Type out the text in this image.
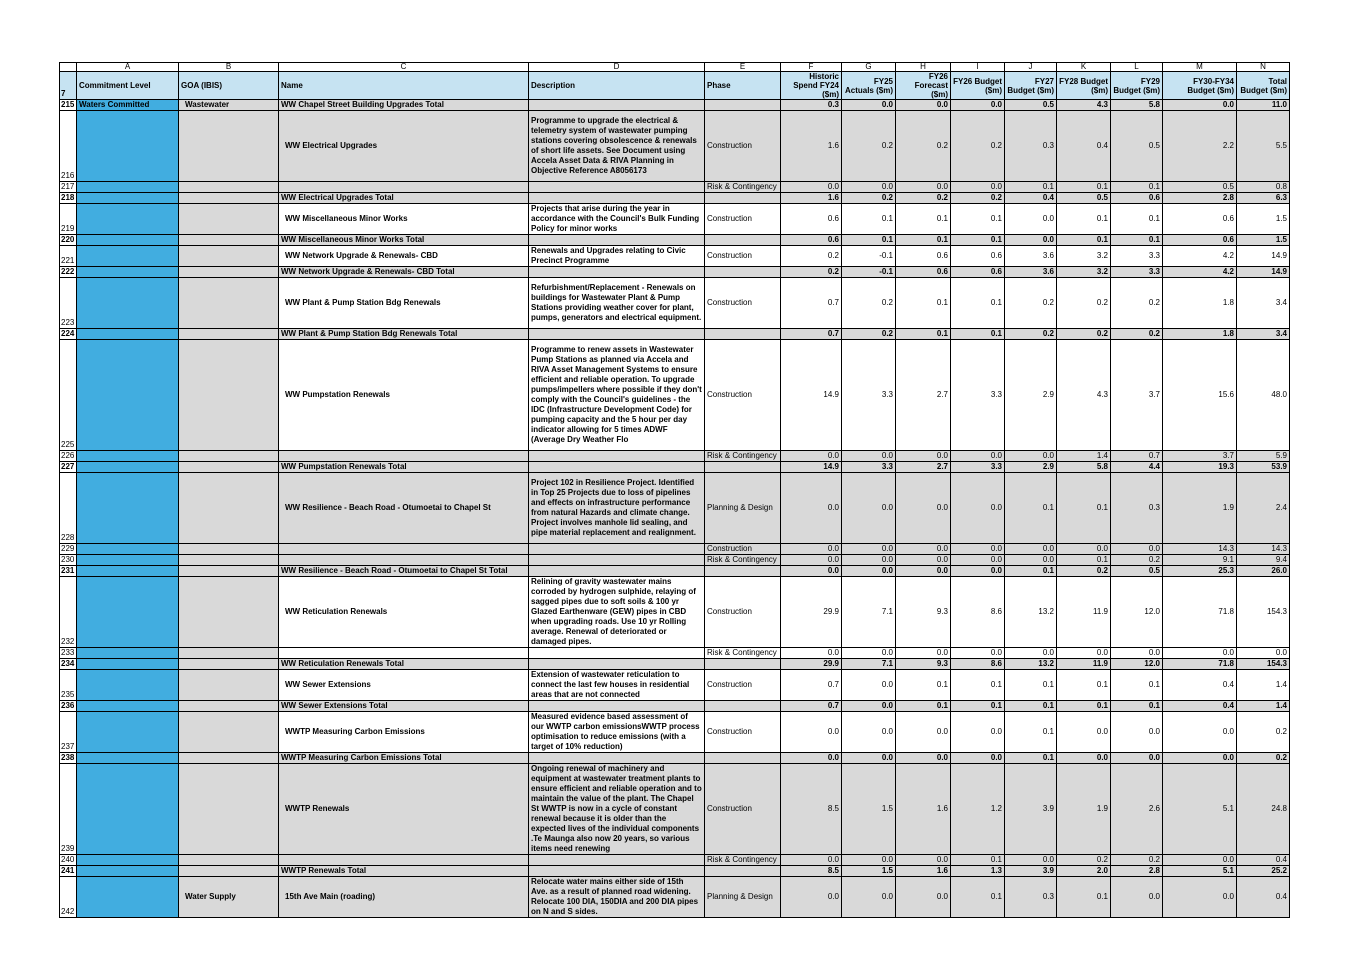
	A	B	C	D	E	F	G	H	I	J	K	L	M	N
7	Commitment Level	GOA (IBIS)	Name	Description	Phase	Historic Spend FY24 ($m)	FY25 Actuals ($m)	FY26 Forecast ($m)	FY26 Budget ($m)	FY27 Budget ($m)	FY28 Budget ($m)	FY29 Budget ($m)	FY30-FY34 Budget ($m)	Total Budget ($m)
215	Waters Committed	Wastewater	WW Chapel Street Building Upgrades Total			0.3	0.0	0.0	0.0	0.5	4.3	5.8	0.0	11.0
216			WW Electrical Upgrades	Programme to upgrade the electrical & telemetry system of wastewater pumping stations covering obsolescence & renewals of short life assets. See Document using Accela Asset Data & RIVA Planning in Objective Reference A8056173	Construction	1.6	0.2	0.2	0.2	0.3	0.4	0.5	2.2	5.5
217					Risk & Contingency	0.0	0.0	0.0	0.0	0.1	0.1	0.1	0.5	0.8
218			WW Electrical Upgrades Total			1.6	0.2	0.2	0.2	0.4	0.5	0.6	2.8	6.3
219			WW Miscellaneous Minor Works	Projects that arise during the year in accordance with the Council's Bulk Funding Policy for minor works	Construction	0.6	0.1	0.1	0.1	0.0	0.1	0.1	0.6	1.5
220			WW Miscellaneous Minor Works Total			0.6	0.1	0.1	0.1	0.0	0.1	0.1	0.6	1.5
221			WW Network Upgrade & Renewals- CBD	Renewals and Upgrades relating to Civic Precinct Programme	Construction	0.2	-0.1	0.6	0.6	3.6	3.2	3.3	4.2	14.9
222			WW Network Upgrade & Renewals- CBD Total			0.2	-0.1	0.6	0.6	3.6	3.2	3.3	4.2	14.9
223			WW Plant & Pump Station Bdg Renewals	Refurbishment/Replacement - Renewals on buildings for Wastewater Plant & Pump Stations providing weather cover for plant, pumps, generators and electrical equipment.	Construction	0.7	0.2	0.1	0.1	0.2	0.2	0.2	1.8	3.4
224			WW Plant & Pump Station Bdg Renewals Total			0.7	0.2	0.1	0.1	0.2	0.2	0.2	1.8	3.4
225			WW Pumpstation Renewals	Programme to renew assets in Wastewater Pump Stations as planned via Accela and RIVA Asset Management Systems to ensure efficient and reliable operation. To upgrade pumps/impellers where possible if they don't comply with the Council's guidelines - the IDC (Infrastructure Development Code) for pumping capacity and the 5 hour per day indicator allowing for 5 times ADWF (Average Dry Weather Flo	Construction	14.9	3.3	2.7	3.3	2.9	4.3	3.7	15.6	48.0
226					Risk & Contingency	0.0	0.0	0.0	0.0	0.0	1.4	0.7	3.7	5.9
227			WW Pumpstation Renewals Total			14.9	3.3	2.7	3.3	2.9	5.8	4.4	19.3	53.9
228			WW Resilience - Beach Road - Otumoetai to Chapel St	Project 102 in Resilience Project. Identified in Top 25 Projects due to loss of pipelines and effects on infrastructure performance from natural Hazards and climate change. Project involves manhole lid sealing, and pipe material replacement and realignment.	Planning & Design	0.0	0.0	0.0	0.0	0.1	0.1	0.3	1.9	2.4
229					Construction	0.0	0.0	0.0	0.0	0.0	0.0	0.0	14.3	14.3
230					Risk & Contingency	0.0	0.0	0.0	0.0	0.0	0.1	0.2	9.1	9.4
231			WW Resilience - Beach Road - Otumoetai to Chapel St Total			0.0	0.0	0.0	0.0	0.1	0.2	0.5	25.3	26.0
232			WW Reticulation Renewals	Relining of gravity wastewater mains corroded by hydrogen sulphide, relaying of sagged pipes due to soft soils & 100 yr Glazed Earthenware (GEW) pipes in CBD when upgrading roads. Use 10 yr Rolling average. Renewal of deteriorated or damaged pipes.	Construction	29.9	7.1	9.3	8.6	13.2	11.9	12.0	71.8	154.3
233					Risk & Contingency	0.0	0.0	0.0	0.0	0.0	0.0	0.0	0.0	0.0
234			WW Reticulation Renewals Total			29.9	7.1	9.3	8.6	13.2	11.9	12.0	71.8	154.3
235			WW Sewer Extensions	Extension of wastewater reticulation to connect the last few houses in residential areas that are not connected	Construction	0.7	0.0	0.1	0.1	0.1	0.1	0.1	0.4	1.4
236			WW Sewer Extensions Total			0.7	0.0	0.1	0.1	0.1	0.1	0.1	0.4	1.4
237			WWTP Measuring Carbon Emissions	Measured evidence based assessment of our WWTP carbon emissionsWWTP process optimisation to reduce emissions (with a target of 10% reduction)	Construction	0.0	0.0	0.0	0.0	0.1	0.0	0.0	0.0	0.2
238			WWTP Measuring Carbon Emissions Total			0.0	0.0	0.0	0.0	0.1	0.0	0.0	0.0	0.2
239			WWTP Renewals	Ongoing renewal of machinery and equipment at wastewater treatment plants to ensure efficient and reliable operation and to maintain the value of the plant. The Chapel St WWTP is now in a cycle of constant renewal because it is older than the expected lives of the individual components .Te Maunga also now 20 years, so various items need renewing	Construction	8.5	1.5	1.6	1.2	3.9	1.9	2.6	5.1	24.8
240					Risk & Contingency	0.0	0.0	0.0	0.1	0.0	0.2	0.2	0.0	0.4
241			WWTP Renewals Total			8.5	1.5	1.6	1.3	3.9	2.0	2.8	5.1	25.2
242		Water Supply	15th Ave Main (roading)	Relocate water mains either side of 15th Ave. as a result of planned road widening. Relocate 100 DIA, 150DIA and 200 DIA pipes on N and S sides.	Planning & Design	0.0	0.0	0.0	0.1	0.3	0.1	0.0	0.0	0.4
